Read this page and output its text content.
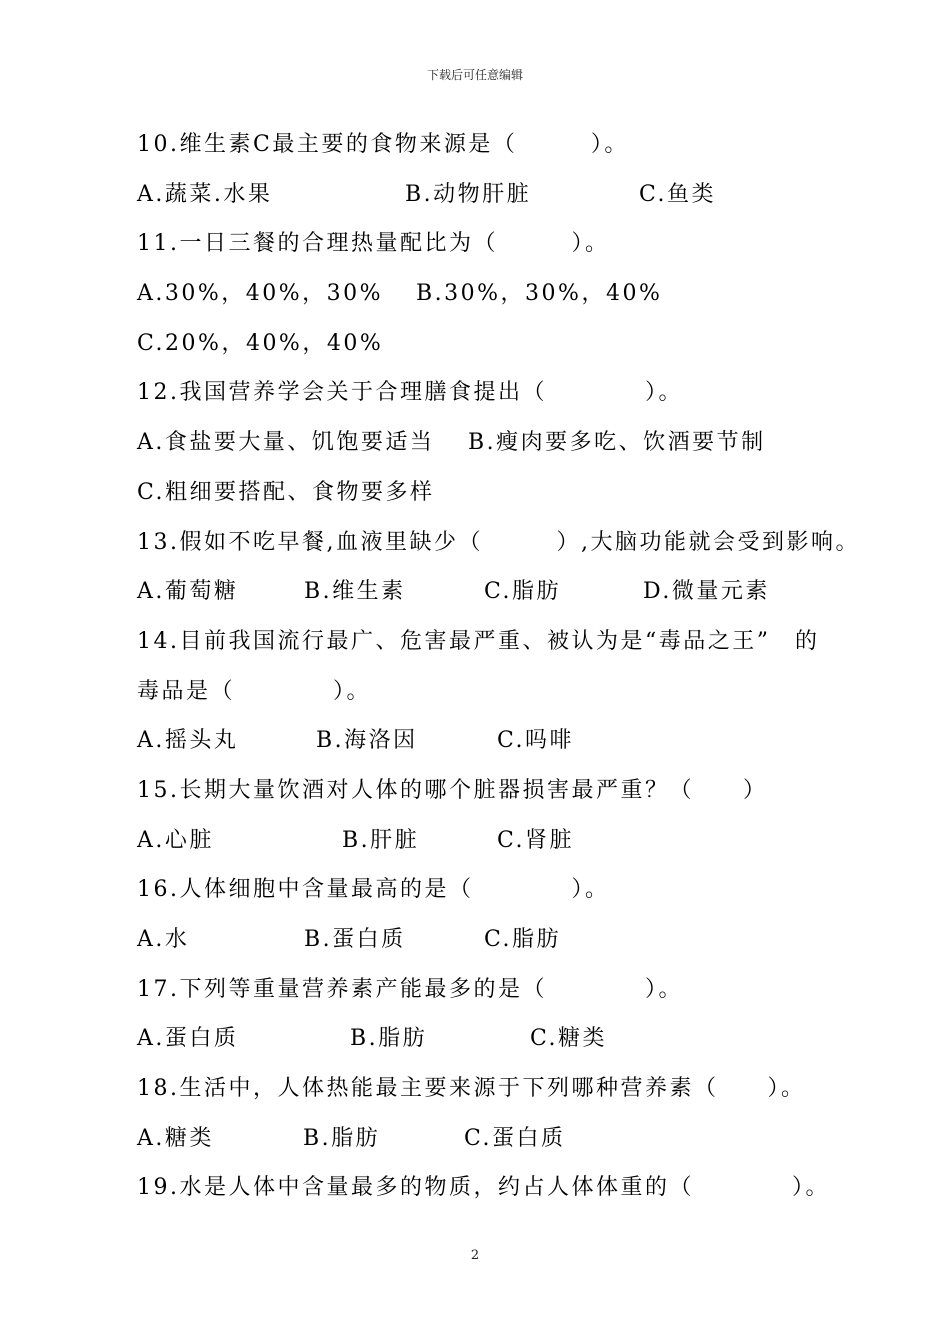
下载后可任意编辑
10.维生素C最主要的食物来源是（　　　）。
A.蔬菜.水果	B.动物肝脏	C.鱼类
11.一日三餐的合理热量配比为（　　　）。
A.30%，40%，30% B.30%，30%，40%
C.20%，40%，40%
12.我国营养学会关于合理膳食提出（　　　　）。
A.食盐要大量、饥饱要适当 B.瘦肉要多吃、饮酒要节制
C.粗细要搭配、食物要多样
13.假如不吃早餐,血液里缺少（　　　）,大脑功能就会受到影响。
A.葡萄糖	B.维生素	C.脂肪	D.微量元素
14.目前我国流行最广、危害最严重、被认为是“毒品之王”　的
毒品是（　　　　）。
A.摇头丸	B.海洛因	C.吗啡
15.长期大量饮酒对人体的哪个脏器损害最严重？（　　）
A.心脏	B.肝脏	C.肾脏
16.人体细胞中含量最高的是（　　　　）。
A.水	B.蛋白质	C.脂肪
17.下列等重量营养素产能最多的是（　　　　）。
A.蛋白质	B.脂肪	C.糖类
18.生活中，人体热能最主要来源于下列哪种营养素（　　）。
A.糖类	B.脂肪	C.蛋白质
19.水是人体中含量最多的物质，约占人体体重的（　　　　）。
2
